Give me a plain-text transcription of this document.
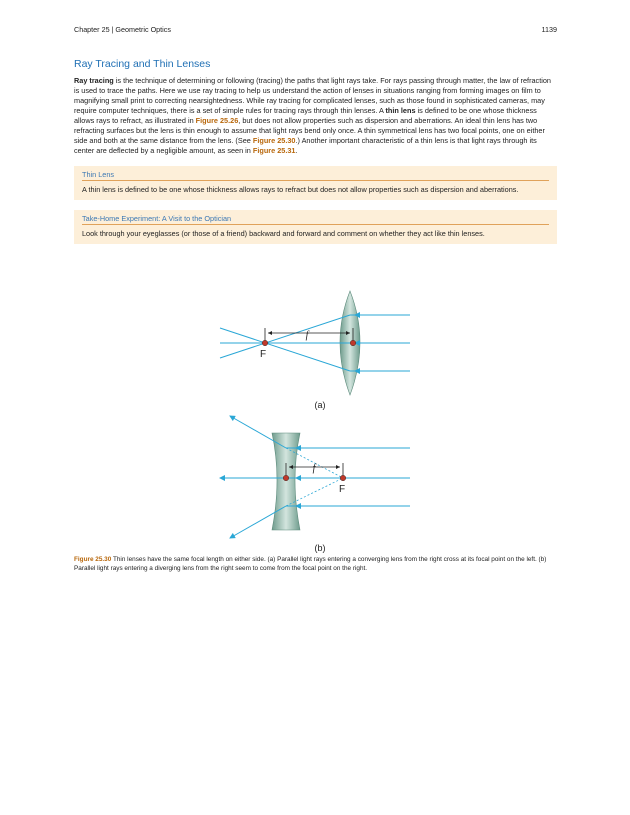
Chapter 25 | Geometric Optics	1139
Ray Tracing and Thin Lenses

Ray tracing is the technique of determining or following (tracing) the paths that light rays take. For rays passing through matter, the law of refraction is used to trace the paths. Here we use ray tracing to help us understand the action of lenses in situations ranging from forming images on film to magnifying small print to correcting nearsightedness. While ray tracing for complicated lenses, such as those found in sophisticated cameras, may require computer techniques, there is a set of simple rules for tracing rays through thin lenses. A thin lens is defined to be one whose thickness allows rays to refract, as illustrated in Figure 25.26, but does not allow properties such as dispersion and aberrations. An ideal thin lens has two refracting surfaces but the lens is thin enough to assume that light rays bend only once. A thin symmetrical lens has two focal points, one on either side and both at the same distance from the lens. (See Figure 25.30.) Another important characteristic of a thin lens is that light rays through its center are deflected by a negligible amount, as seen in Figure 25.31.

Thin Lens
A thin lens is defined to be one whose thickness allows rays to refract but does not allow properties such as dispersion and aberrations.
Take-Home Experiment: A Visit to the Optician
Look through your eyeglasses (or those of a friend) backward and forward and comment on whether they act like thin lenses.
f
F
(a)
f
F
(b)
Figure 25.30 Thin lenses have the same focal length on either side. (a) Parallel light rays entering a converging lens from the right cross at its focal point on the left. (b) Parallel light rays entering a diverging lens from the right seem to come from the focal point on the right.
